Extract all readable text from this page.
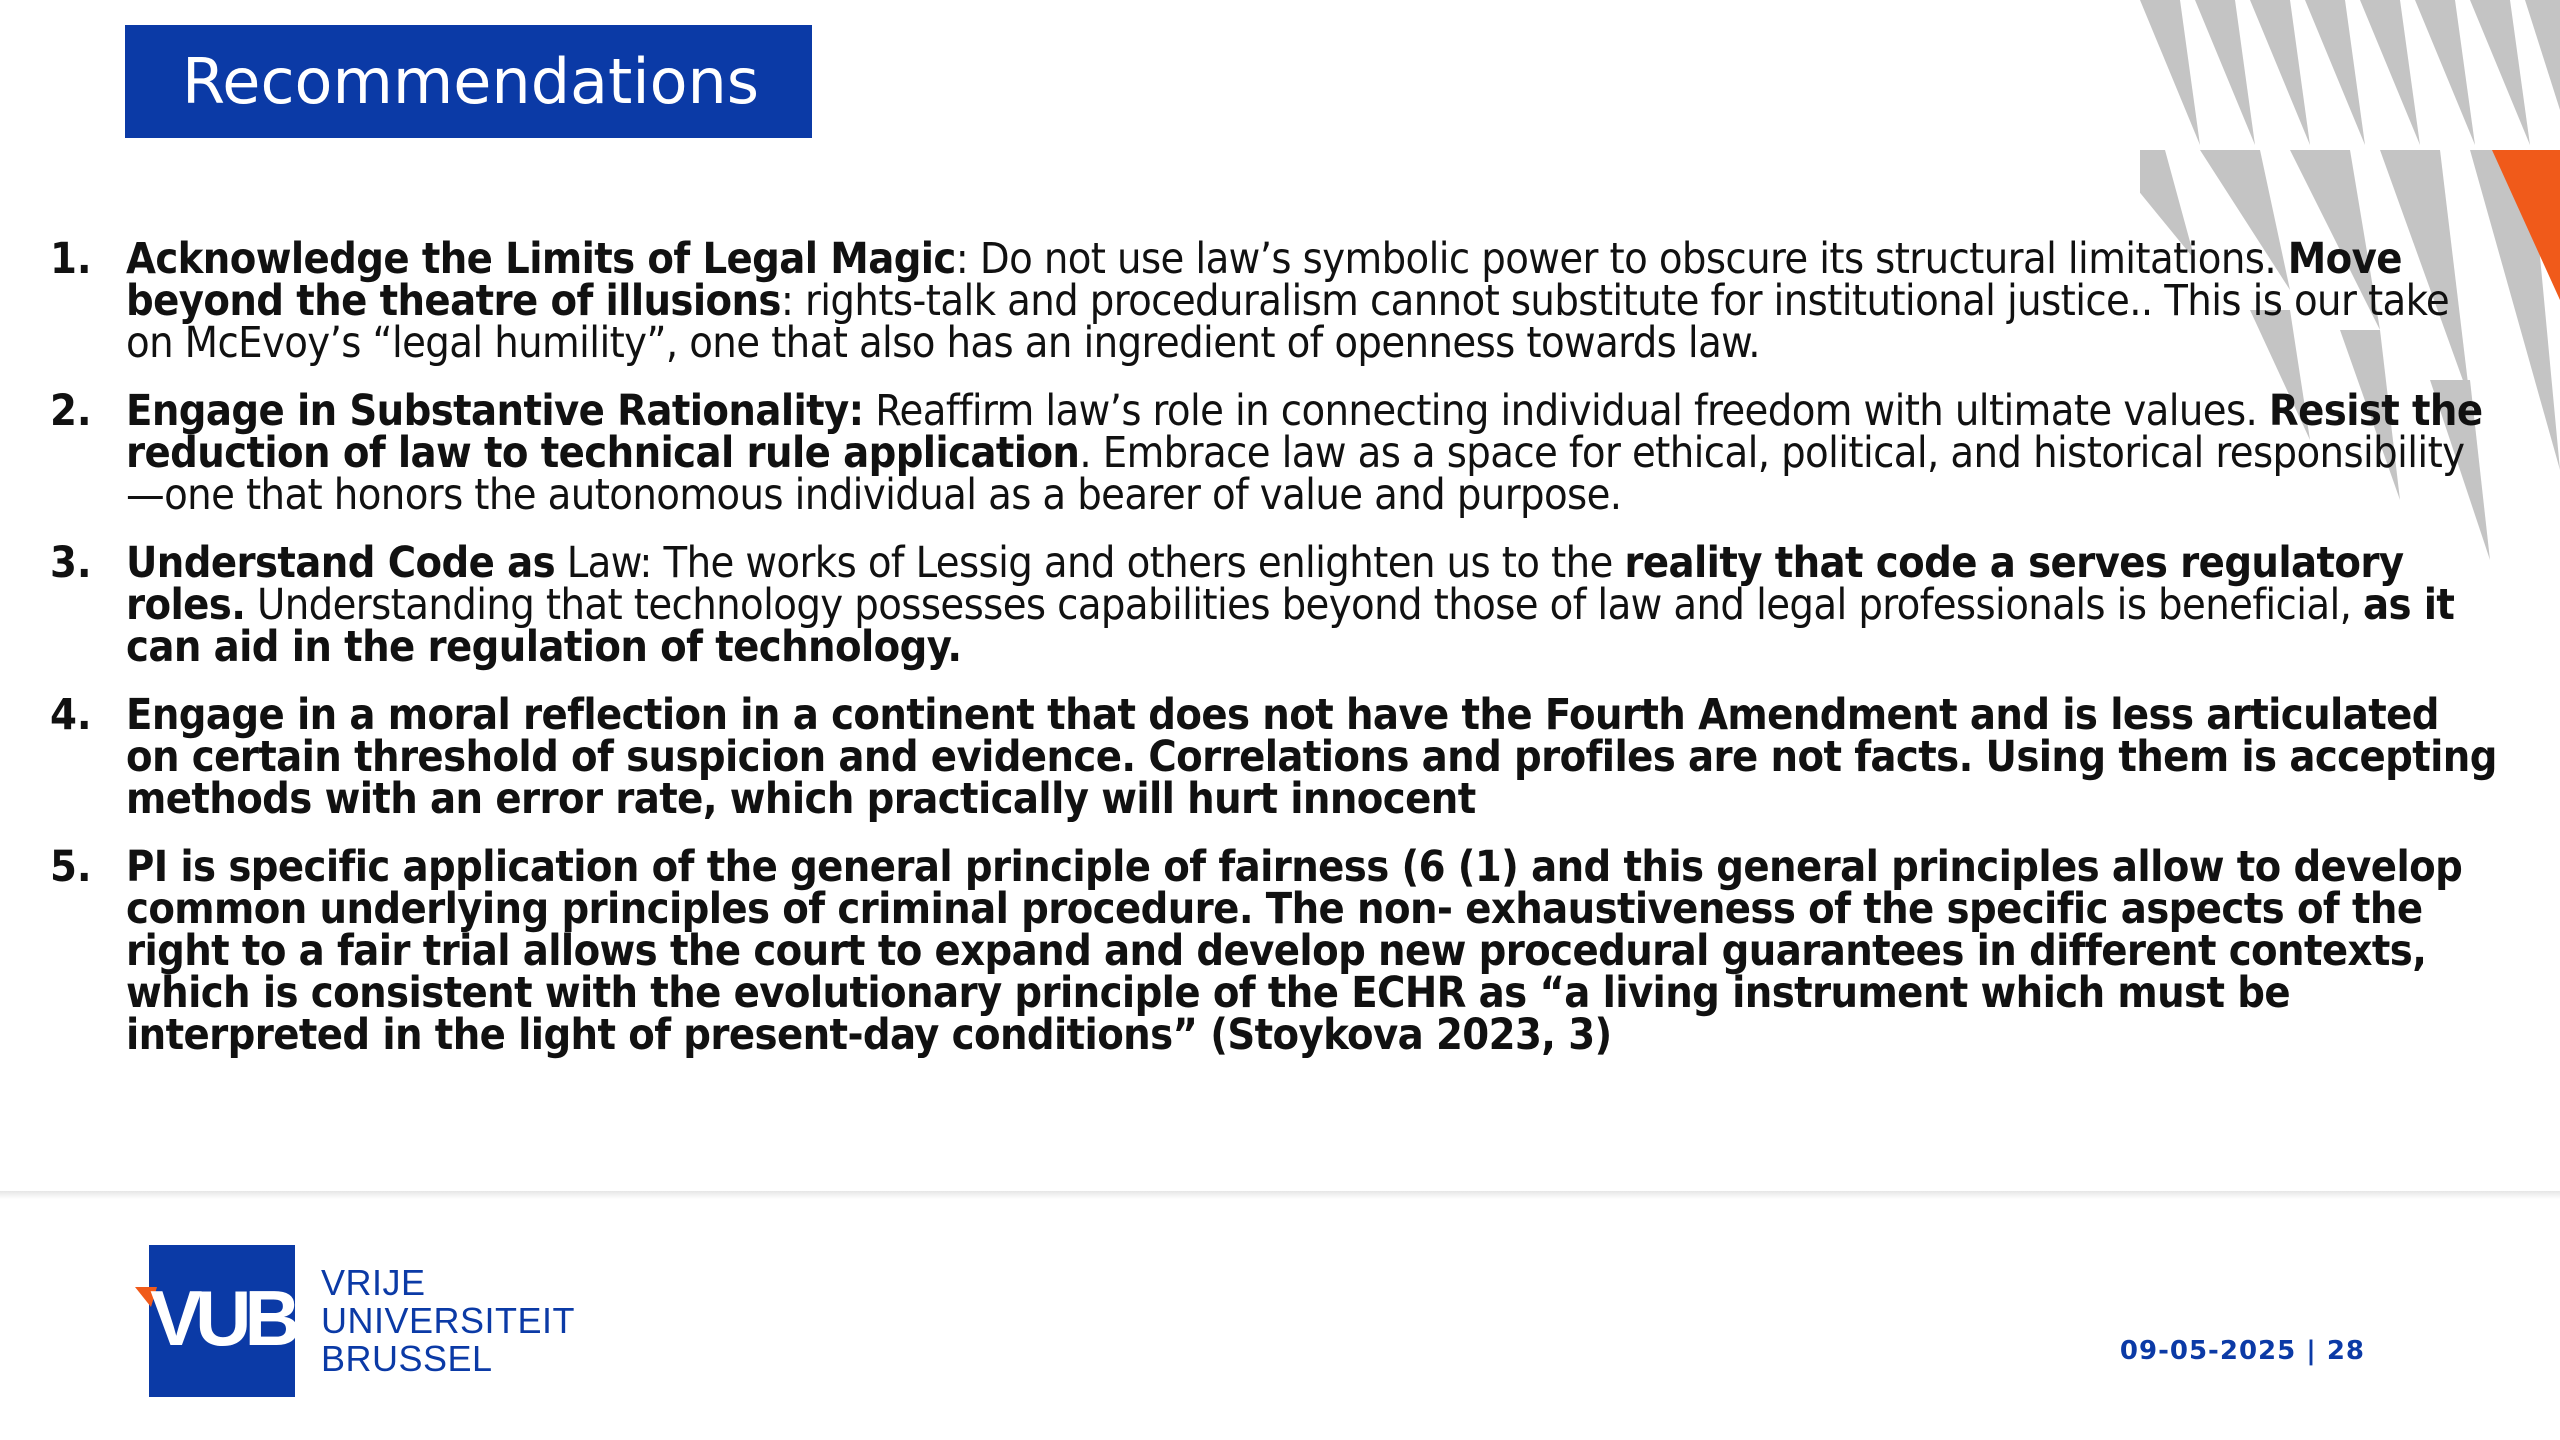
Recommendations
1. Acknowledge the Limits of Legal Magic: Do not use law’s symbolic power to obscure its structural limitations. Move beyond the theatre of illusions: rights-talk and proceduralism cannot substitute for institutional justice.. This is our take on McEvoy’s “legal humility”, one that also has an ingredient of openness towards law.
2. Engage in Substantive Rationality: Reaffirm law’s role in connecting individual freedom with ultimate values. Resist the reduction of law to technical rule application. Embrace law as a space for ethical, political, and historical responsibility—one that honors the autonomous individual as a bearer of value and purpose.
3. Understand Code as Law: The works of Lessig and others enlighten us to the reality that code a serves regulatory roles. Understanding that technology possesses capabilities beyond those of law and legal professionals is beneficial, as it can aid in the regulation of technology.
4. Engage in a moral reflection in a continent that does not have the Fourth Amendment and is less articulated on certain threshold of suspicion and evidence. Correlations and profiles are not facts. Using them is accepting methods with an error rate, which practically will hurt innocent
5. PI is specific application of the general principle of fairness (6 (1) and this general principles allow to develop common underlying principles of criminal procedure. The non- exhaustiveness of the specific aspects of the right to a fair trial allows the court to expand and develop new procedural guarantees in different contexts, which is consistent with the evolutionary principle of the ECHR as “a living instrument which must be interpreted in the light of present-day conditions” (Stoykova 2023, 3)
VUB VRIJE
UNIVERSITEIT
BRUSSEL	09-05-2025 | 28
